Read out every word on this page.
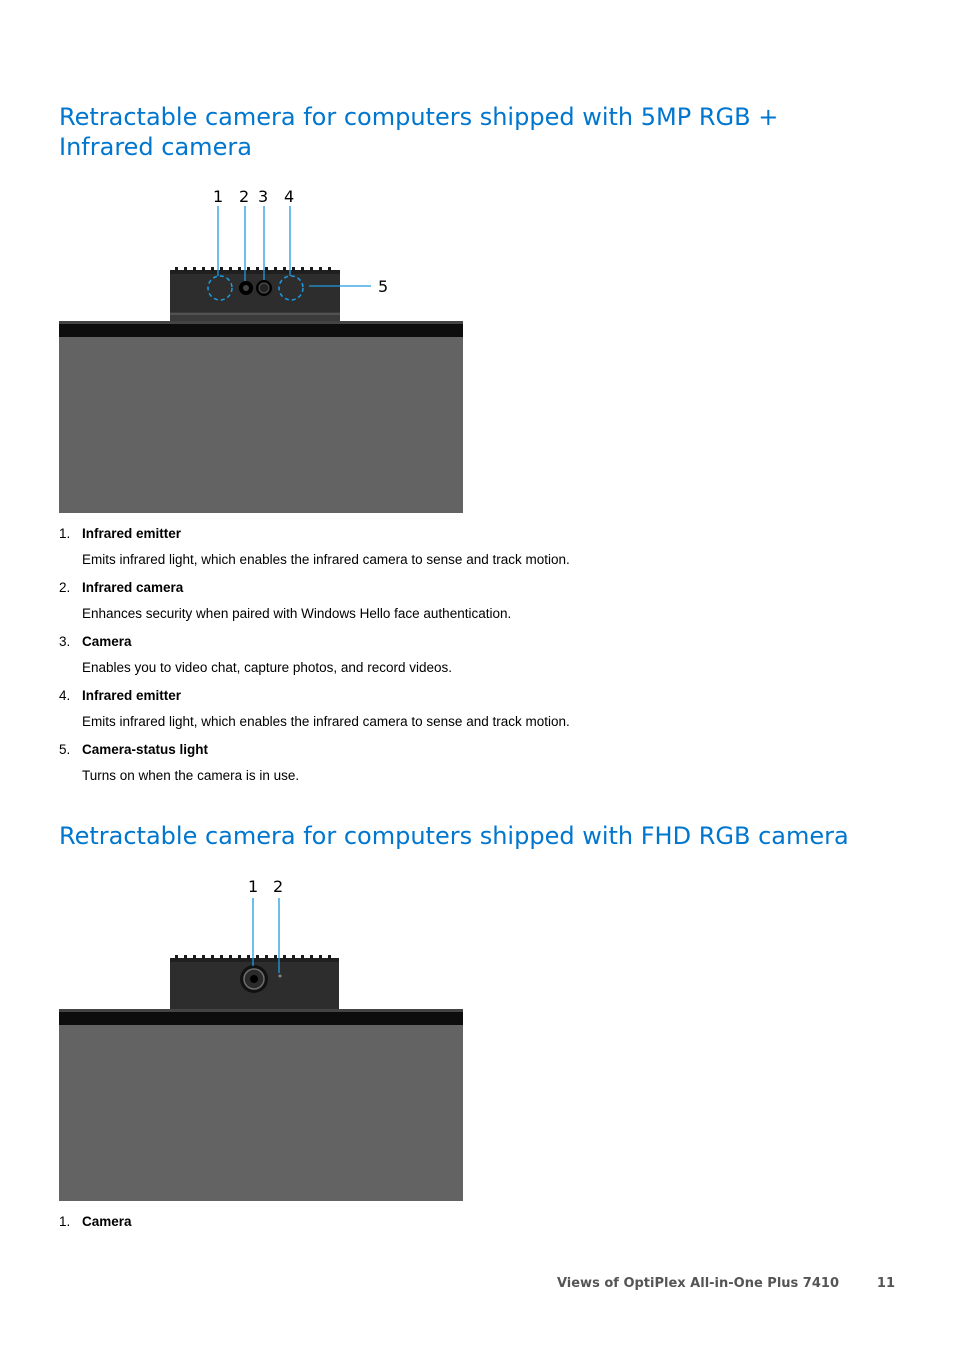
Retractable camera for computers shipped with 5MP RGB + Infrared camera
1 2 3 4
5
1. Infrared emitter
Emits infrared light, which enables the infrared camera to sense and track motion.
2. Infrared camera
Enhances security when paired with Windows Hello face authentication.
3. Camera
Enables you to video chat, capture photos, and record videos.
4. Infrared emitter
Emits infrared light, which enables the infrared camera to sense and track motion.
5. Camera-status light
Turns on when the camera is in use.
Retractable camera for computers shipped with FHD RGB camera
1 2
1. Camera
Views of OptiPlex All-in-One Plus 7410	11
